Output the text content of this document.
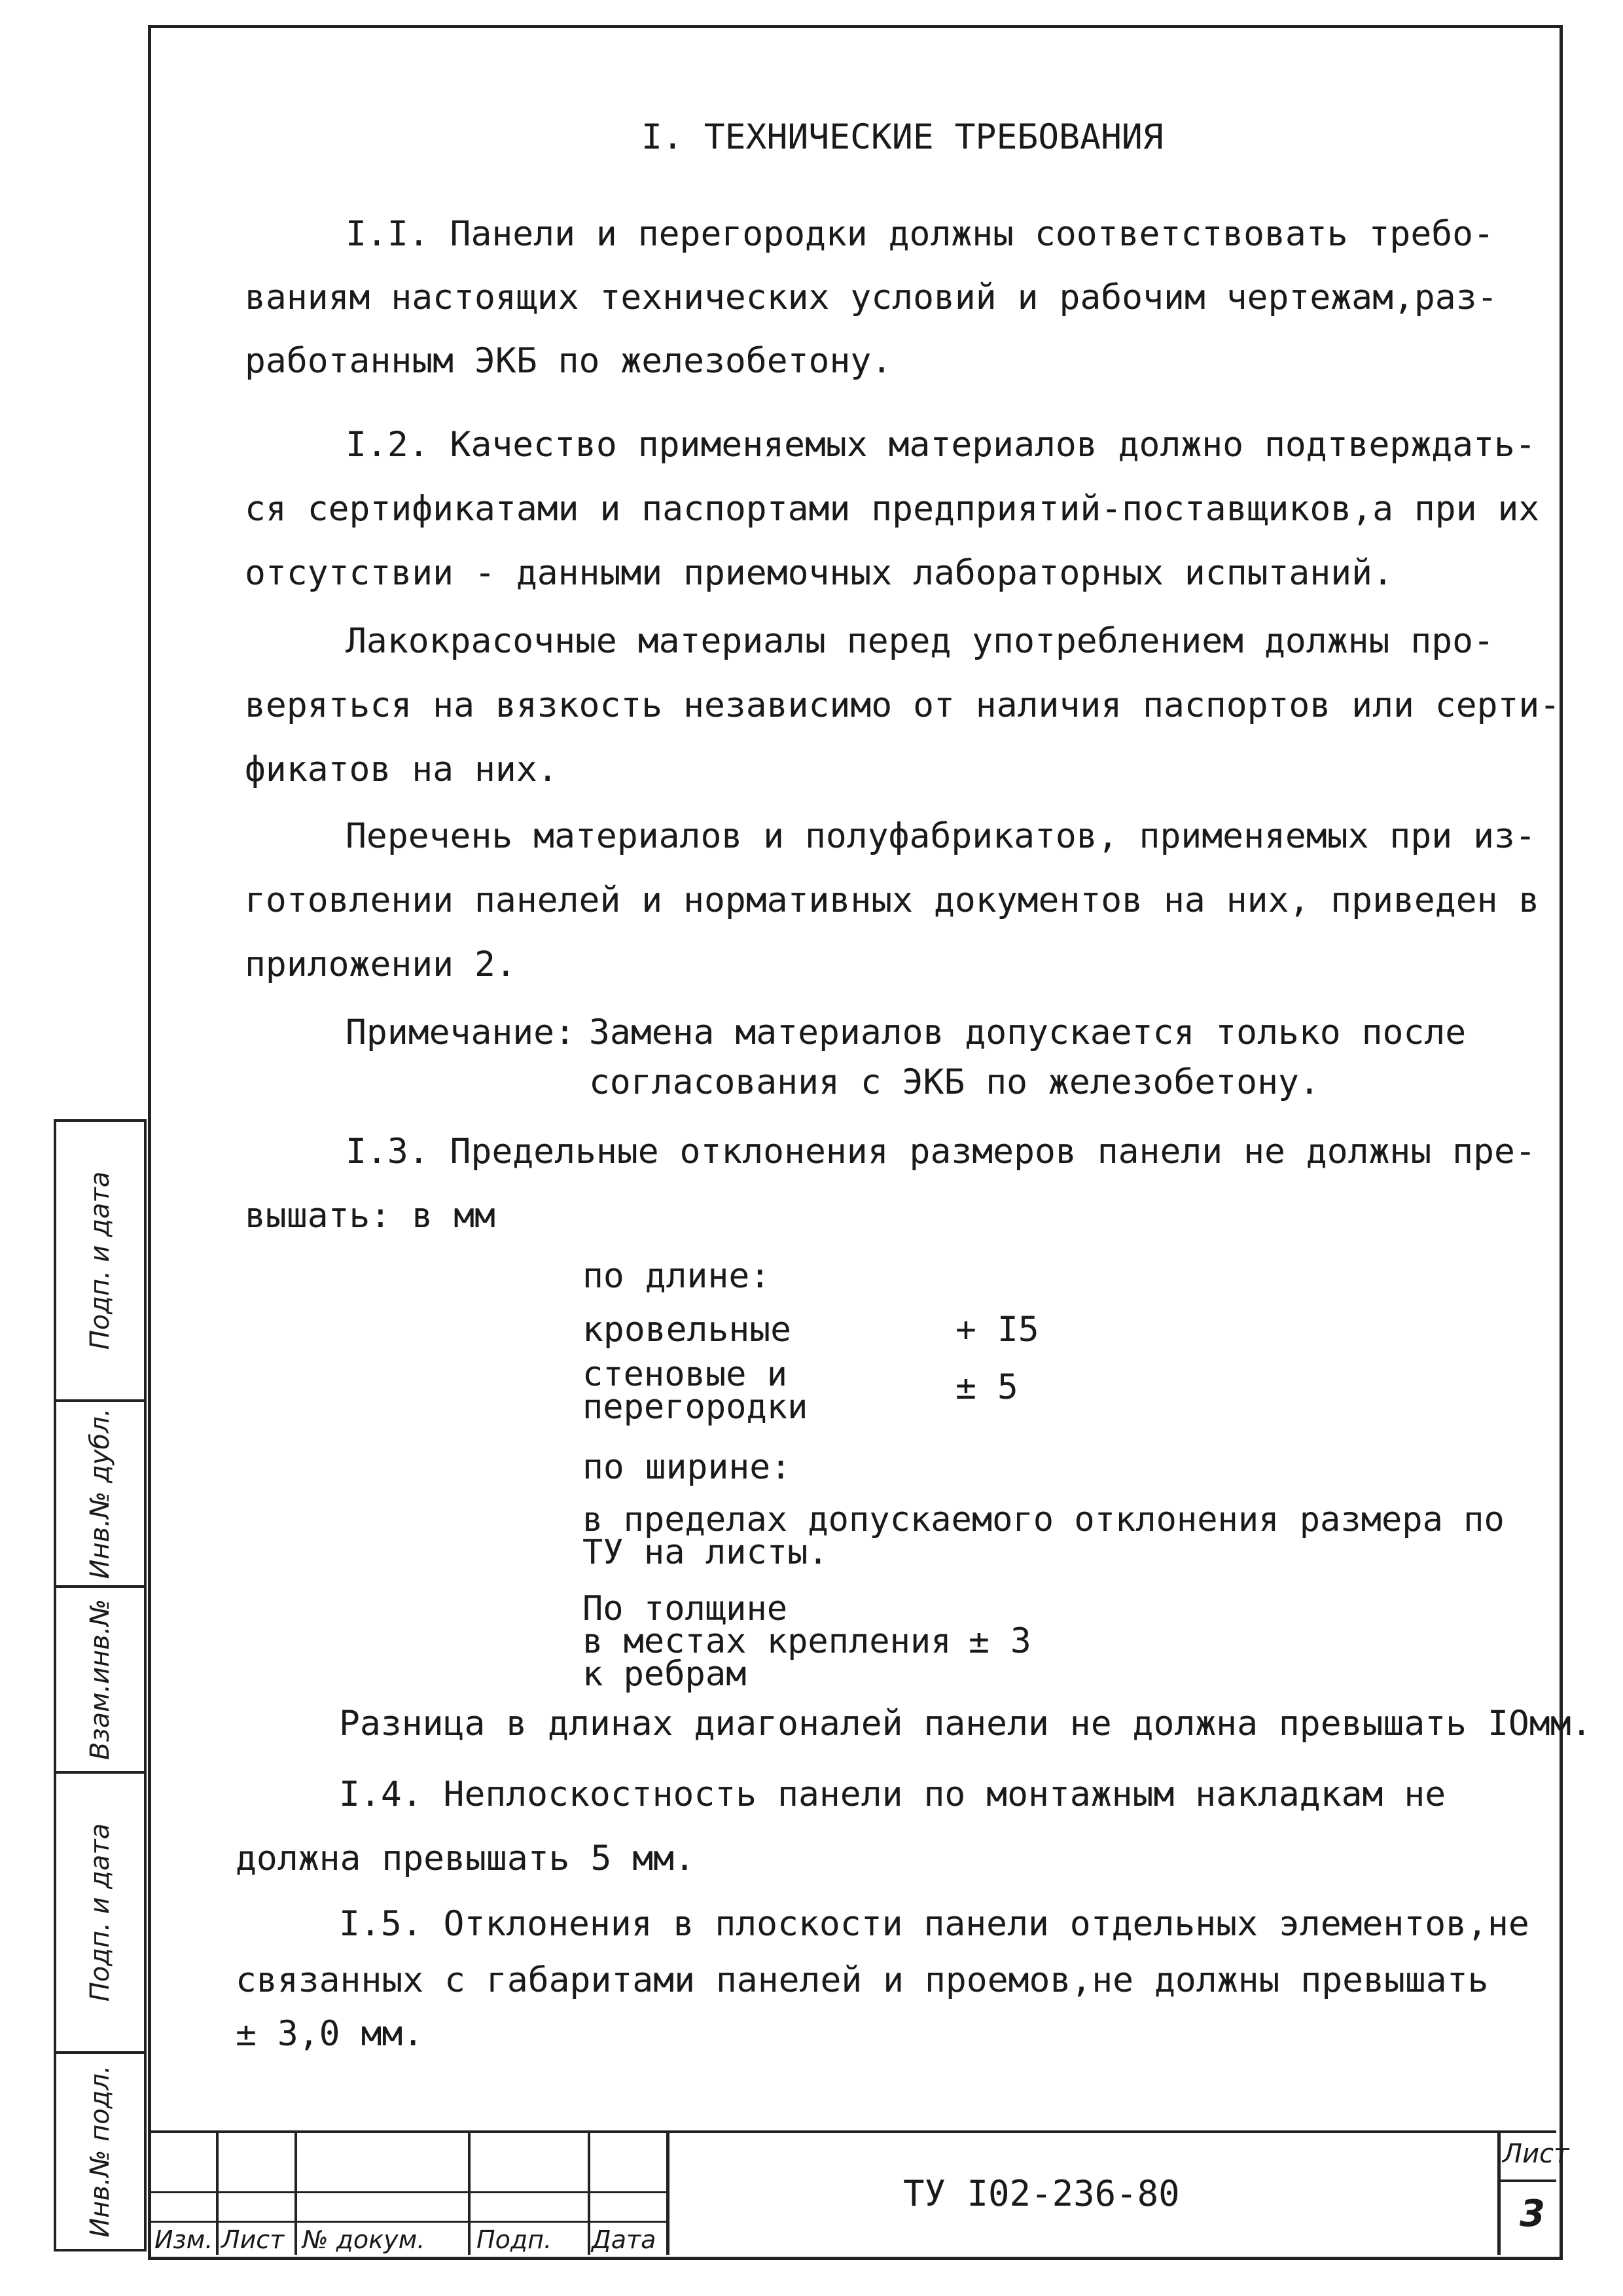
I. ТЕХНИЧЕСКИЕ ТРЕБОВАНИЯ
I.I. Панели и перегородки должны соответствовать требо-
ваниям настоящих технических условий и рабочим чертежам,раз-
работанным ЭКБ по железобетону.
I.2. Качество применяемых материалов должно подтверждать-
ся сертификатами и паспортами предприятий-поставщиков,а при их
отсутствии - данными приемочных лабораторных испытаний.
Лакокрасочные материалы перед употреблением должны про-
веряться на вязкость независимо от наличия паспортов или серти-
фикатов на них.
Перечень материалов и полуфабрикатов, применяемых при из-
готовлении панелей и нормативных документов на них, приведен в
приложении 2.
Примечание: Замена материалов допускается только после
согласования с ЭКБ по железобетону.
I.3. Предельные отклонения размеров панели не должны пре-
вышать: в мм
по длине:
кровельные	+ I5
стеновые и
перегородки	± 5
по ширине:
в пределах допускаемого отклонения размера по
ТУ на листы.
По толщине
в местах крепления
к ребрам
± 3
Разница в длинах диагоналей панели не должна превышать IOмм.
I.4. Неплоскостность панели по монтажным накладкам не
должна превышать 5 мм.
I.5. Отклонения в плоскости панели отдельных элементов,не
связанных с габаритами панелей и проемов,не должны превышать
± 3,0 мм.
Подп. и дата
Инв.№ дубл.
Взам.инв.№
Подп. и дата
Инв.№ подл.
Изм. Лист № докум. Подп. Дата
ТУ I02-236-80
Лист
3
